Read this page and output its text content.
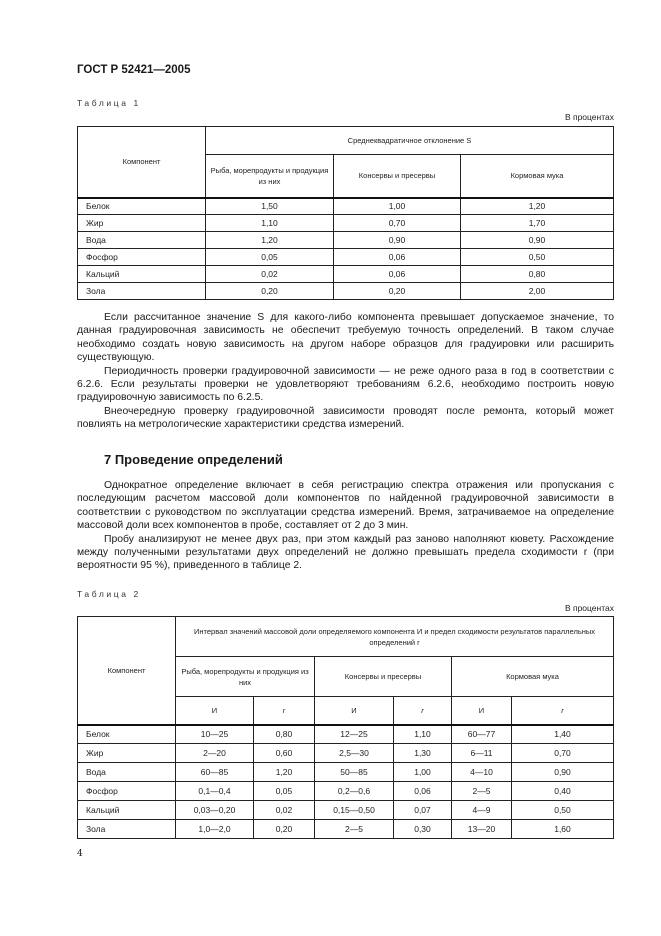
ГОСТ Р 52421—2005
Таблица 1
В процентах
Компонент	Среднеквадратичное отклонение S		
	Рыба, морепродукты и продукция из них	Консервы и пресервы	Кормовая мука
Белок	1,50	1,00	1,20
Жир	1,10	0,70	1,70
Вода	1,20	0,90	0,90
Фосфор	0,05	0,06	0,50
Кальций	0,02	0,06	0,80
Зола	0,20	0,20	2,00

Если рассчитанное значение S для какого-либо компонента превышает допускаемое значение, то данная градуировочная зависимость не обеспечит требуемую точность определений. В таком случае необходимо создать новую зависимость на другом наборе образцов для градуировки или расширить существующую.

Периодичность проверки градуировочной зависимости — не реже одного раза в год в соответствии с 6.2.6. Если результаты проверки не удовлетворяют требованиям 6.2.6, необходимо построить новую градуировочную зависимость по 6.2.5.

Внеочередную проверку градуировочной зависимости проводят после ремонта, который может повлиять на метрологические характеристики средства измерений.

7 Проведение определений

Однократное определение включает в себя регистрацию спектра отражения или пропускания с последующим расчетом массовой доли компонентов по найденной градуировочной зависимости в соответствии с руководством по эксплуатации средства измерений. Время, затрачиваемое на определение массовой доли всех компонентов в пробе, составляет от 2 до 3 мин.

Пробу анализируют не менее двух раз, при этом каждый раз заново наполняют кювету. Расхождение между полученными результатами двух определений не должно превышать предела сходимости r (при вероятности 95 %), приведенного в таблице 2.

Таблица 2
В процентах
Компонент	Интервал значений массовой доли определяемого компонента И и предел сходимости результатов параллельных определений r					
	Рыба, морепродукты и продукция из них		Консервы и пресервы		Кормовая мука	
	И	r	И	r	И	r
Белок	10—25	0,80	12—25	1,10	60—77	1,40
Жир	2—20	0,60	2,5—30	1,30	6—11	0,70
Вода	60—85	1,20	50—85	1,00	4—10	0,90
Фосфор	0,1—0,4	0,05	0,2—0,6	0,06	2—5	0,40
Кальций	0,03—0,20	0,02	0,15—0,50	0,07	4—9	0,50
Зола	1,0—2,0	0,20	2—5	0,30	13—20	1,60
4
